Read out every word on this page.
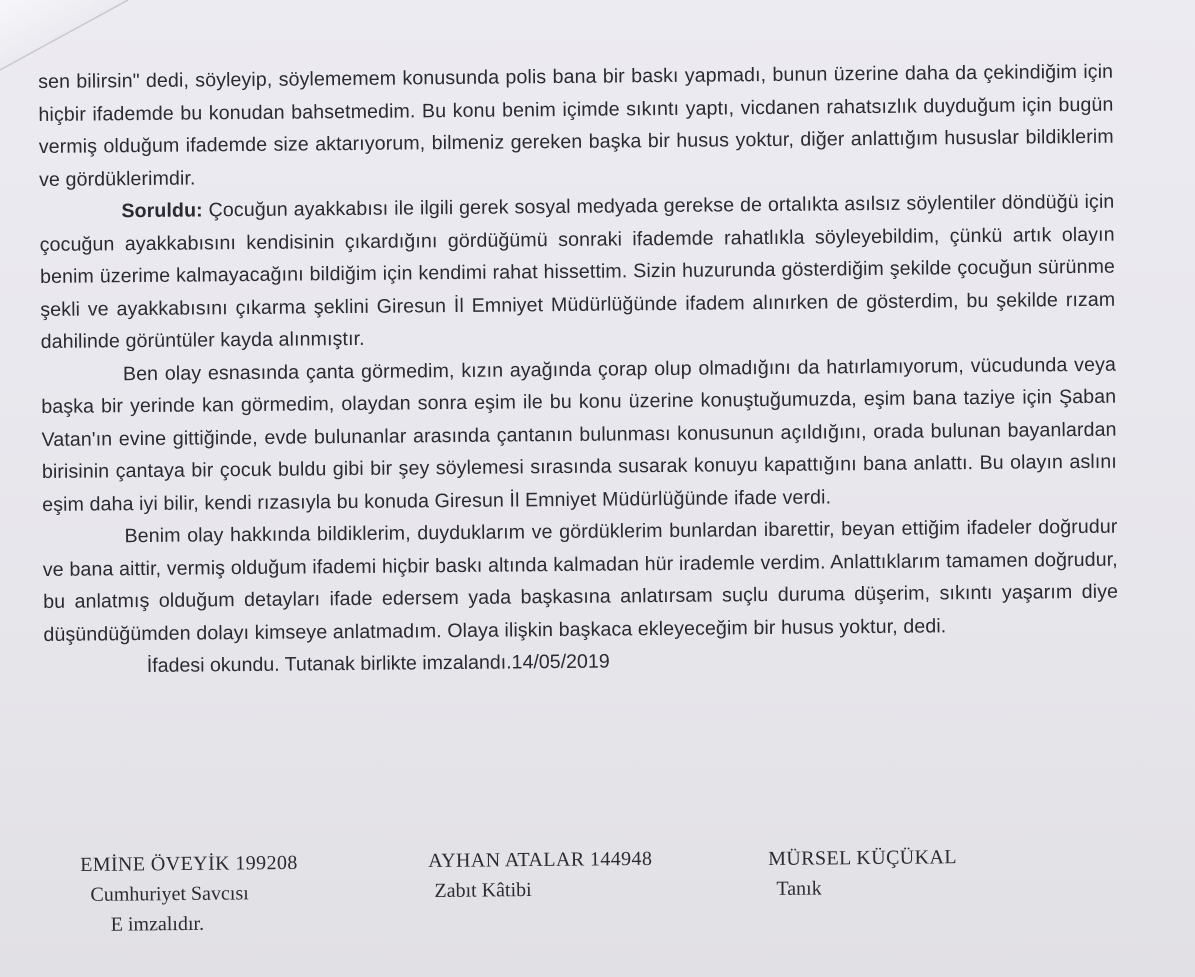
sen bilirsin" dedi, söyleyip, söylememem konusunda polis bana bir baskı yapmadı, bunun üzerine daha da çekindiğim için hiçbir ifademde bu konudan bahsetmedim. Bu konu benim içimde sıkıntı yaptı, vicdanen rahatsızlık duyduğum için bugün vermiş olduğum ifademde size aktarıyorum, bilmeniz gereken başka bir husus yoktur, diğer anlattığım hususlar bildiklerim ve gördüklerimdir.

Soruldu: Çocuğun ayakkabısı ile ilgili gerek sosyal medyada gerekse de ortalıkta asılsız söylentiler döndüğü için çocuğun ayakkabısını kendisinin çıkardığını gördüğümü sonraki ifademde rahatlıkla söyleyebildim, çünkü artık olayın benim üzerime kalmayacağını bildiğim için kendimi rahat hissettim. Sizin huzurunda gösterdiğim şekilde çocuğun sürünme şekli ve ayakkabısını çıkarma şeklini Giresun İl Emniyet Müdürlüğünde ifadem alınırken de gösterdim, bu şekilde rızam dahilinde görüntüler kayda alınmıştır.

Ben olay esnasında çanta görmedim, kızın ayağında çorap olup olmadığını da hatırlamıyorum, vücudunda veya başka bir yerinde kan görmedim, olaydan sonra eşim ile bu konu üzerine konuştuğumuzda, eşim bana taziye için Şaban Vatan'ın evine gittiğinde, evde bulunanlar arasında çantanın bulunması konusunun açıldığını, orada bulunan bayanlardan birisinin çantaya bir çocuk buldu gibi bir şey söylemesi sırasında susarak konuyu kapattığını bana anlattı. Bu olayın aslını eşim daha iyi bilir, kendi rızasıyla bu konuda Giresun İl Emniyet Müdürlüğünde ifade verdi.

Benim olay hakkında bildiklerim, duyduklarım ve gördüklerim bunlardan ibarettir, beyan ettiğim ifadeler doğrudur ve bana aittir, vermiş olduğum ifademi hiçbir baskı altında kalmadan hür irademle verdim. Anlattıklarım tamamen doğrudur, bu anlatmış olduğum detayları ifade edersem yada başkasına anlatırsam suçlu duruma düşerim, sıkıntı yaşarım diye düşündüğümden dolayı kimseye anlatmadım. Olaya ilişkin başkaca ekleyeceğim bir husus yoktur, dedi.

İfadesi okundu. Tutanak birlikte imzalandı.14/05/2019

EMİNE ÖVEYİK 199208
Cumhuriyet Savcısı
E imzalıdır.
AYHAN ATALAR 144948
Zabıt Kâtibi
MÜRSEL KÜÇÜKAL
Tanık
